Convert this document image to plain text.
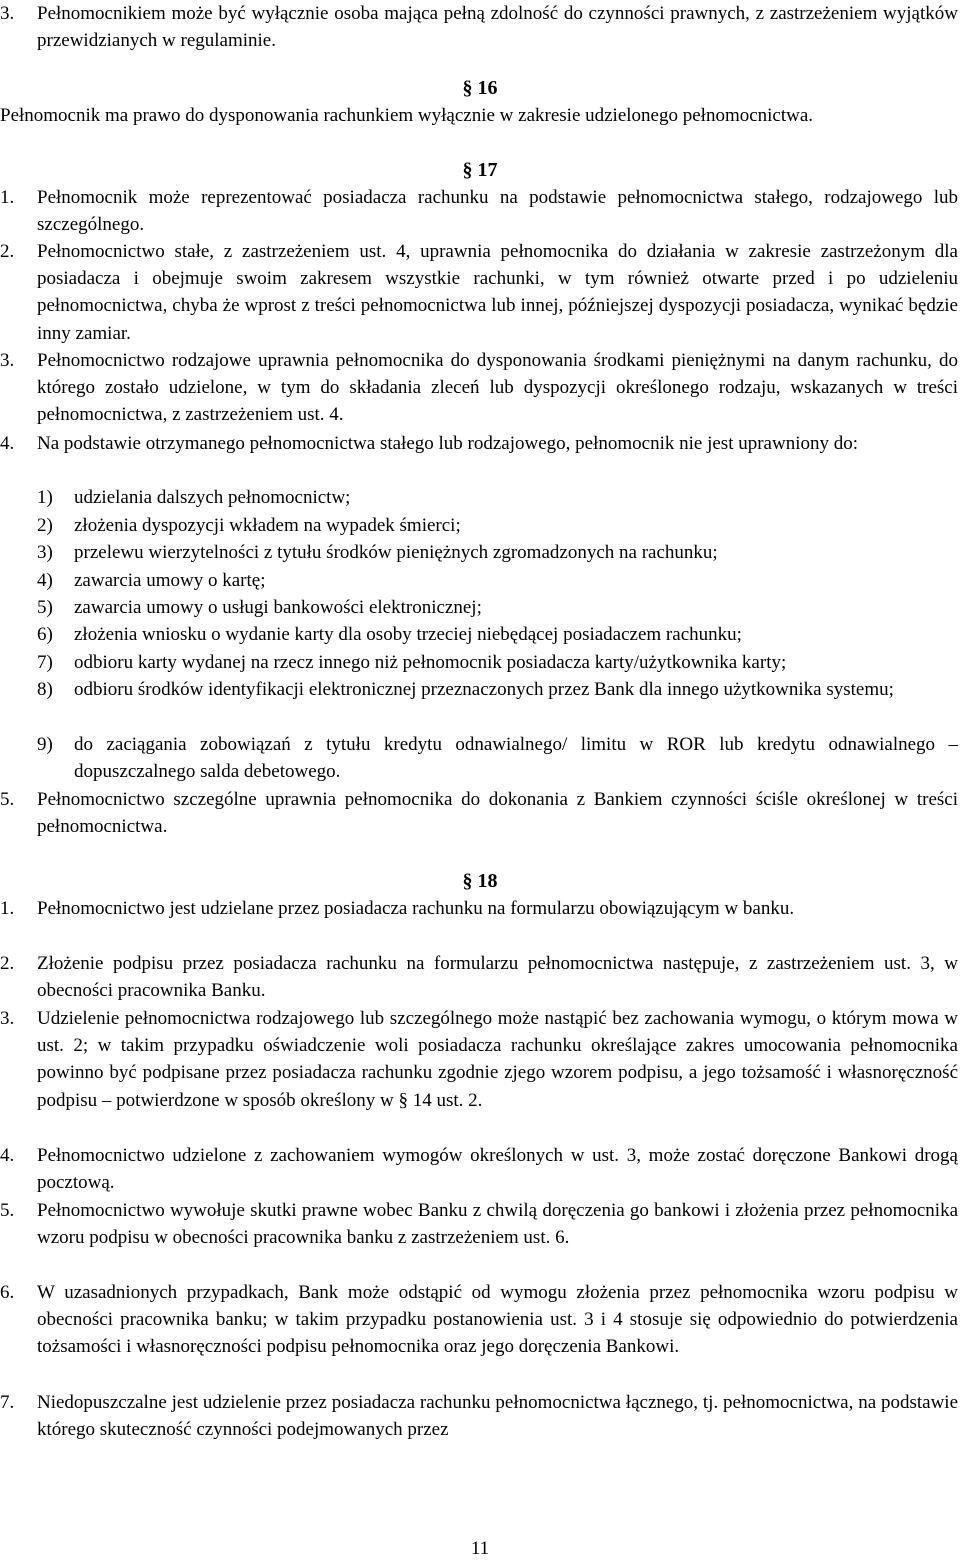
3. Pełnomocnikiem może być wyłącznie osoba mająca pełną zdolność do czynności prawnych, z zastrzeżeniem wyjątków przewidzianych w regulaminie.
§ 16
Pełnomocnik ma prawo do dysponowania rachunkiem wyłącznie w zakresie udzielonego pełnomocnictwa.
§ 17
1. Pełnomocnik może reprezentować posiadacza rachunku na podstawie pełnomocnictwa stałego, rodzajowego lub szczególnego.
2. Pełnomocnictwo stałe, z zastrzeżeniem ust. 4, uprawnia pełnomocnika do działania w zakresie zastrzeżonym dla posiadacza i obejmuje swoim zakresem wszystkie rachunki, w tym również otwarte przed i po udzieleniu pełnomocnictwa, chyba że wprost z treści pełnomocnictwa lub innej, późniejszej dyspozycji posiadacza, wynikać będzie inny zamiar.
3. Pełnomocnictwo rodzajowe uprawnia pełnomocnika do dysponowania środkami pieniężnymi na danym rachunku, do którego zostało udzielone, w tym do składania zleceń lub dyspozycji określonego rodzaju, wskazanych w treści pełnomocnictwa, z zastrzeżeniem ust. 4.
4. Na podstawie otrzymanego pełnomocnictwa stałego lub rodzajowego, pełnomocnik nie jest uprawniony do:
1) udzielania dalszych pełnomocnictw;
2) złożenia dyspozycji wkładem na wypadek śmierci;
3) przelewu wierzytelności z tytułu środków pieniężnych zgromadzonych na rachunku;
4) zawarcia umowy o kartę;
5) zawarcia umowy o usługi bankowości elektronicznej;
6) złożenia wniosku o wydanie karty dla osoby trzeciej niebędącej posiadaczem rachunku;
7) odbioru karty wydanej na rzecz innego niż pełnomocnik posiadacza karty/użytkownika karty;
8) odbioru środków identyfikacji elektronicznej przeznaczonych przez Bank dla innego użytkownika systemu;
9) do zaciągania zobowiązań z tytułu kredytu odnawialnego/ limitu w ROR lub kredytu odnawialnego – dopuszczalnego salda debetowego.
5. Pełnomocnictwo szczególne uprawnia pełnomocnika do dokonania z Bankiem czynności ściśle określonej w treści pełnomocnictwa.
§ 18
1. Pełnomocnictwo jest udzielane przez posiadacza rachunku na formularzu obowiązującym w banku.
2. Złożenie podpisu przez posiadacza rachunku na formularzu pełnomocnictwa następuje, z zastrzeżeniem ust. 3, w obecności pracownika Banku.
3. Udzielenie pełnomocnictwa rodzajowego lub szczególnego może nastąpić bez zachowania wymogu, o którym mowa w ust. 2; w takim przypadku oświadczenie woli posiadacza rachunku określające zakres umocowania pełnomocnika powinno być podpisane przez posiadacza rachunku zgodnie zjego wzorem podpisu, a jego tożsamość i własnoręczność podpisu – potwierdzone w sposób określony w § 14 ust. 2.
4. Pełnomocnictwo udzielone z zachowaniem wymogów określonych w ust. 3, może zostać doręczone Bankowi drogą pocztową.
5. Pełnomocnictwo wywołuje skutki prawne wobec Banku z chwilą doręczenia go bankowi i złożenia przez pełnomocnika wzoru podpisu w obecności pracownika banku z zastrzeżeniem ust. 6.
6. W uzasadnionych przypadkach, Bank może odstąpić od wymogu złożenia przez pełnomocnika wzoru podpisu w obecności pracownika banku; w takim przypadku postanowienia ust. 3 i 4 stosuje się odpowiednio do potwierdzenia tożsamości i własnoręczności podpisu pełnomocnika oraz jego doręczenia Bankowi.
7. Niedopuszczalne jest udzielenie przez posiadacza rachunku pełnomocnictwa łącznego, tj. pełnomocnictwa, na podstawie którego skuteczność czynności podejmowanych przez
11
